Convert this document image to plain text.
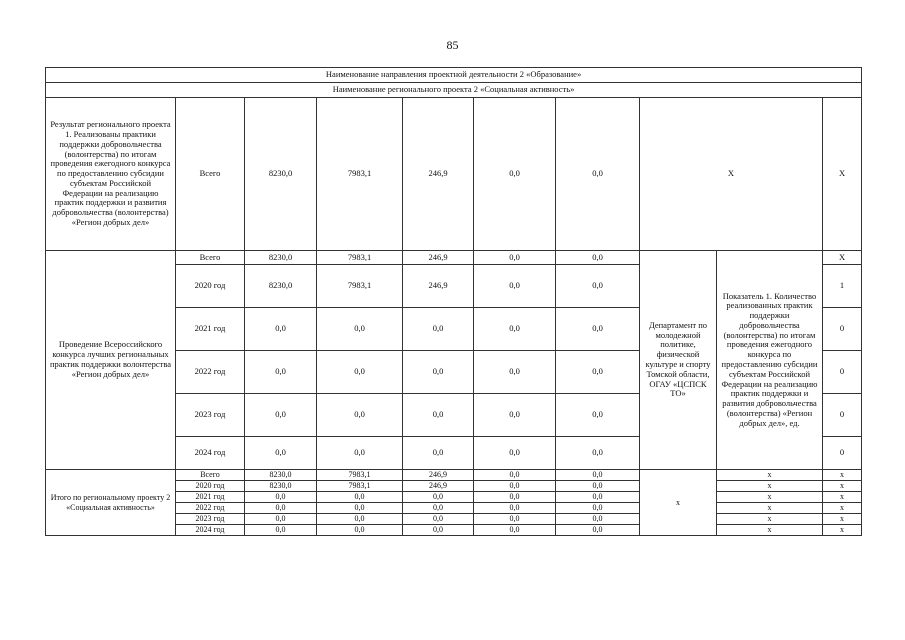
85
Наименование направления проектной деятельности 2 «Образование»										
Наименование регионального проекта 2 «Социальная активность»										
Результат регионального проекта 1. Реализованы практики поддержки добровольчества (волонтерства) по итогам проведения ежегодного конкурса по предоставлению субсидии субъектам Российской Федерации на реализацию практик поддержки и развития добровольчества (волонтерства) «Регион добрых дел»	Всего	8230,0	7983,1	246,9	0,0	0,0	Х		Х	
Проведение Всероссийского конкурса лучших региональных практик поддержки волонтерства «Регион добрых дел»	Всего	8230,0	7983,1	246,9	0,0	0,0	Департамент по молодежной политике, физической культуре и спорту Томской области, ОГАУ «ЦСПСК ТО»	Показатель 1. Количество реализованных практик поддержки добровольчества (волонтерства) по итогам проведения ежегодного конкурса по предоставлению субсидии субъектам Российской Федерации на реализацию практик поддержки и развития добровольчества (волонтерства) «Регион добрых дел», ед.	Х	
	2020 год	8230,0	7983,1	246,9	0,0	0,0			1	
	2021 год	0,0	0,0	0,0	0,0	0,0			0	
	2022 год	0,0	0,0	0,0	0,0	0,0			0	
	2023 год	0,0	0,0	0,0	0,0	0,0			0	
	2024 год	0,0	0,0	0,0	0,0	0,0			0	
Итого по региональному проекту 2 «Социальная активность»	Всего	8230,0	7983,1	246,9	0,0	0,0	х	х	х	
	2020 год	8230,0	7983,1	246,9	0,0	0,0		х	х	
	2021 год	0,0	0,0	0,0	0,0	0,0		х	х	
	2022 год	0,0	0,0	0,0	0,0	0,0		х	х	
	2023 год	0,0	0,0	0,0	0,0	0,0		х	х	
	2024 год	0,0	0,0	0,0	0,0	0,0		х	х	
